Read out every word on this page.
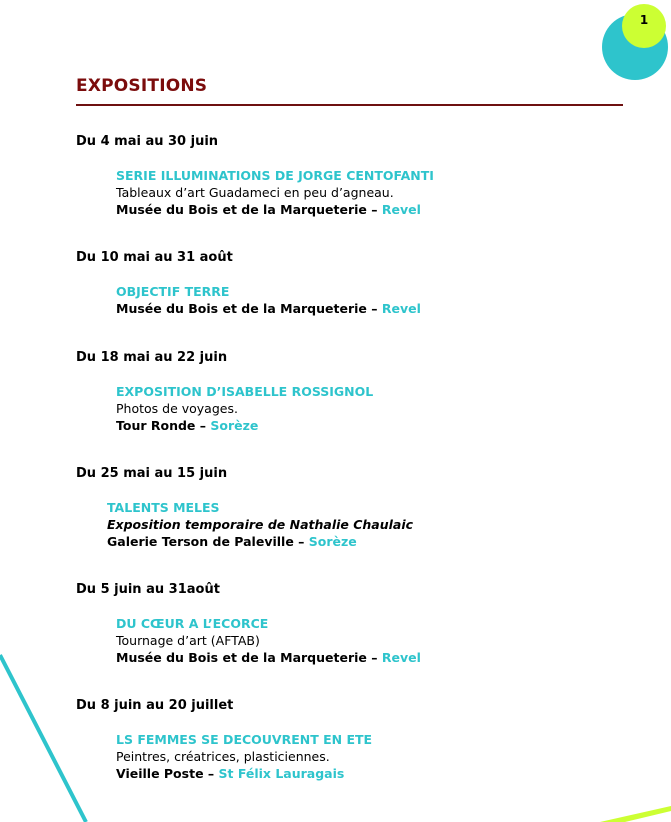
1
EXPOSITIONS
Du 4 mai au 30 juin
SERIE ILLUMINATIONS DE JORGE CENTOFANTI
Tableaux d’art Guadameci en peu d’agneau.
Musée du Bois et de la Marqueterie – Revel
Du 10 mai au 31 août
OBJECTIF TERRE
Musée du Bois et de la Marqueterie – Revel
Du 18 mai au 22 juin
EXPOSITION D’ISABELLE ROSSIGNOL
Photos de voyages.
Tour Ronde – Sorèze
Du 25 mai au 15 juin
TALENTS MELES
Exposition temporaire de Nathalie Chaulaic
Galerie Terson de Paleville – Sorèze
Du 5 juin au 31août
DU CŒUR A L’ECORCE
Tournage d’art (AFTAB)
Musée du Bois et de la Marqueterie – Revel
Du 8 juin au 20 juillet
LS FEMMES SE DECOUVRENT EN ETE
Peintres, créatrices, plasticiennes.
Vieille Poste – St Félix Lauragais
